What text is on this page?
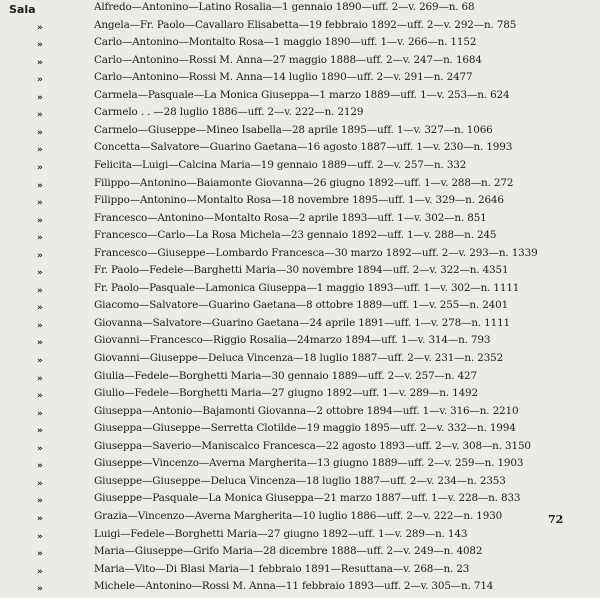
Sala	Alfredo—Antonino—Latino Rosalia—1 gennaio 1890—uff. 2—v. 269—n. 68
»	Angela—Fr. Paolo—Cavallaro Elisabetta—19 febbraio 1892—uff. 2—v. 292—n. 785
»	Carlo—Antonino—Montalto Rosa—1 maggio 1890—uff. 1—v. 266—n. 1152
»	Carlo—Antonino—Rossi M. Anna—27 maggio 1888—uff. 2—v. 247—n. 1684
»	Carlo—Antonino—Rossi M. Anna—14 luglio 1890—uff. 2—v. 291—n. 2477
»	Carmela—Pasquale—La Monica Giuseppa—1 marzo 1889—uff. 1—v. 253—n. 624
»	Carmelo . . —28 luglio 1886—uff. 2—v. 222—n. 2129
»	Carmelo—Giuseppe—Mineo Isabella—28 aprile 1895—uff. 1—v. 327—n. 1066
»	Concetta—Salvatore—Guarino Gaetana—16 agosto 1887—uff. 1—v. 230—n. 1993
»	Felicita—Luigi—Calcina Maria—19 gennaio 1889—uff. 2—v. 257—n. 332
»	Filippo—Antonino—Baiamonte Giovanna—26 giugno 1892—uff. 1—v. 288—n. 272
»	Filippo—Antonino—Montalto Rosa—18 novembre 1895—uff. 1—v. 329—n. 2646
»	Francesco—Antonino—Montalto Rosa—2 aprile 1893—uff. 1—v. 302—n. 851
»	Francesco—Carlo—La Rosa Michela—23 gennaio 1892—uff. 1—v. 288—n. 245
»	Francesco—Giuseppe—Lombardo Francesca—30 marzo 1892—uff. 2—v. 293—n. 1339
»	Fr. Paolo—Fedele—Barghetti Maria—30 novembre 1894—uff. 2—v. 322—n. 4351
»	Fr. Paolo—Pasquale—Lamonica Giuseppa—1 maggio 1893—uff. 1—v. 302—n. 1111
»	Giacomo—Salvatore—Guarino Gaetana—8 ottobre 1889—uff. 1—v. 255—n. 2401
»	Giovanna—Salvatore—Guarino Gaetana—24 aprile 1891—uff. 1—v. 278—n. 1111
»	Giovanni—Francesco—Riggio Rosalia—24marzo 1894—uff. 1—v. 314—n. 793
»	Giovanni—Giuseppe—Deluca Vincenza—18 luglio 1887—uff. 2—v. 231—n. 2352
»	Giulia—Fedele—Borghetti Maria—30 gennaio 1889—uff. 2—v. 257—n. 427
»	Giulio—Fedele—Borghetti Maria—27 giugno 1892—uff. 1—v. 289—n. 1492
»	Giuseppa—Antonio—Bajamonti Giovanna—2 ottobre 1894—uff. 1—v. 316—n. 2210
»	Giuseppa—Giuseppe—Serretta Clotilde—19 maggio 1895—uff. 2—v. 332—n. 1994
»	Giuseppa—Saverio—Maniscalco Francesca—22 agosto 1893—uff. 2—v. 308—n. 3150
»	Giuseppe—Vincenzo—Averna Margherita—13 giugno 1889—uff. 2—v. 259—n. 1903
»	Giuseppe—Giuseppe—Deluca Vincenza—18 luglio 1887—uff. 2—v. 234—n. 2353
»	Giuseppe—Pasquale—La Monica Giuseppa—21 marzo 1887—uff. 1—v. 228—n. 833
»	Grazia—Vincenzo—Averna Margherita—10 luglio 1886—uff. 2—v. 222—n. 1930
»	Luigi—Fedele—Borghetti Maria—27 giugno 1892—uff. 1—v. 289—n. 143
»	Maria—Giuseppe—Grifo Maria—28 dicembre 1888—uff. 2—v. 249—n. 4082
»	Maria—Vito—Di Blasi Maria—1 febbraio 1891—Resuttana—v. 268—n. 23
»	Michele—Antonino—Rossi M. Anna—11 febbraio 1893—uff. 2—v. 305—n. 714
72
